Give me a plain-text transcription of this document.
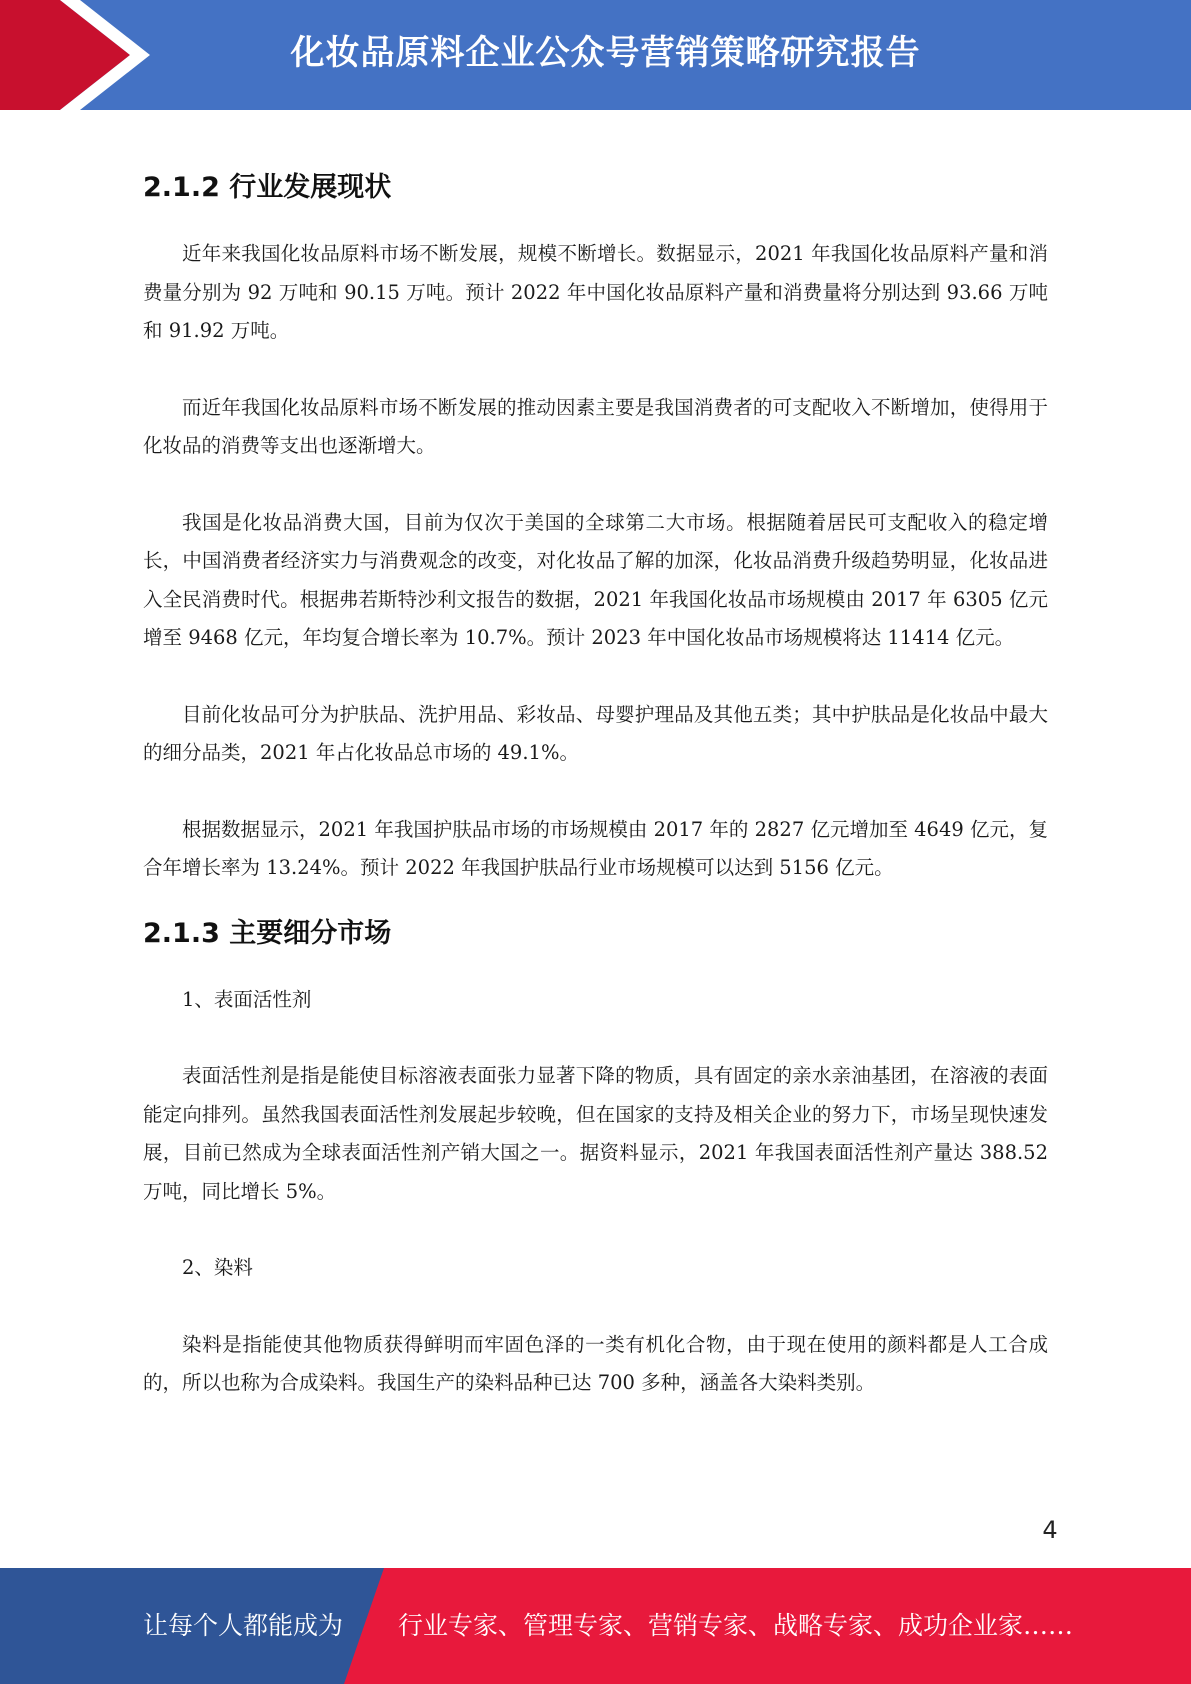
化妆品原料企业公众号营销策略研究报告
2.1.2 行业发展现状

近年来我国化妆品原料市场不断发展，规模不断增长。数据显示，2021 年我国化妆品原料产量和消费量分别为 92 万吨和 90.15 万吨。预计 2022 年中国化妆品原料产量和消费量将分别达到 93.66 万吨和 91.92 万吨。

而近年我国化妆品原料市场不断发展的推动因素主要是我国消费者的可支配收入不断增加，使得用于化妆品的消费等支出也逐渐增大。

我国是化妆品消费大国，目前为仅次于美国的全球第二大市场。根据随着居民可支配收入的稳定增长，中国消费者经济实力与消费观念的改变，对化妆品了解的加深，化妆品消费升级趋势明显，化妆品进入全民消费时代。根据弗若斯特沙利文报告的数据，2021 年我国化妆品市场规模由 2017 年 6305 亿元增至 9468 亿元，年均复合增长率为 10.7%。预计 2023 年中国化妆品市场规模将达 11414 亿元。

目前化妆品可分为护肤品、洗护用品、彩妆品、母婴护理品及其他五类；其中护肤品是化妆品中最大的细分品类，2021 年占化妆品总市场的 49.1%。

根据数据显示，2021 年我国护肤品市场的市场规模由 2017 年的 2827 亿元增加至 4649 亿元，复合年增长率为 13.24%。预计 2022 年我国护肤品行业市场规模可以达到 5156 亿元。

2.1.3 主要细分市场

1、表面活性剂

表面活性剂是指是能使目标溶液表面张力显著下降的物质，具有固定的亲水亲油基团，在溶液的表面能定向排列。虽然我国表面活性剂发展起步较晚，但在国家的支持及相关企业的努力下，市场呈现快速发展，目前已然成为全球表面活性剂产销大国之一。据资料显示，2021 年我国表面活性剂产量达 388.52 万吨，同比增长 5%。

2、染料

染料是指能使其他物质获得鲜明而牢固色泽的一类有机化合物，由于现在使用的颜料都是人工合成的，所以也称为合成染料。我国生产的染料品种已达 700 多种，涵盖各大染料类别。

4
让每个人都能成为 行业专家、管理专家、营销专家、战略专家、成功企业家……
